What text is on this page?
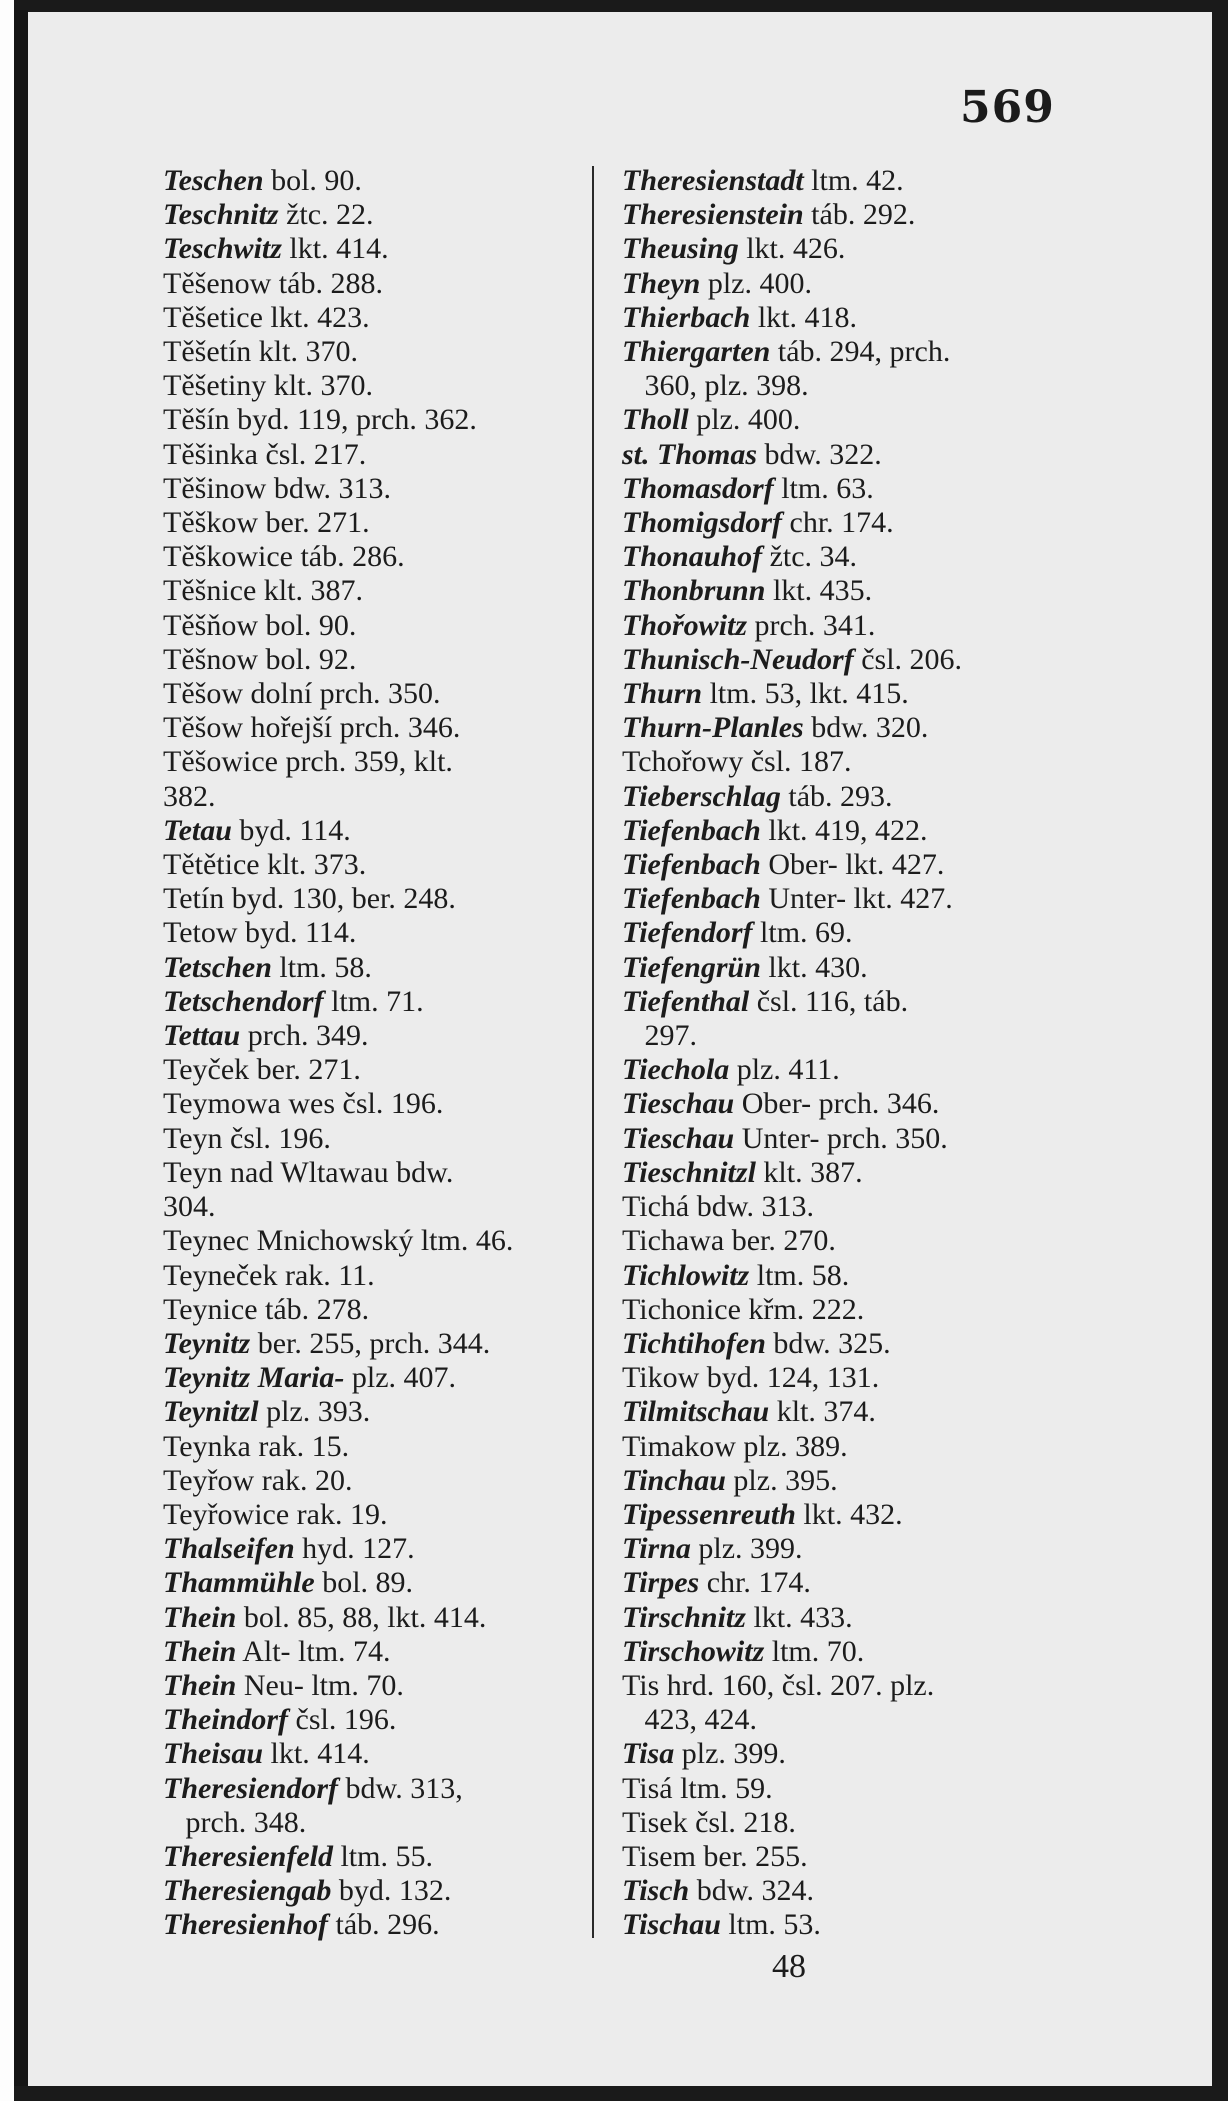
569
Teschen bol. 90.
Teschnitz žtc. 22.
Teschwitz lkt. 414.
Těšenow táb. 288.
Těšetice lkt. 423.
Těšetín klt. 370.
Těšetiny klt. 370.
Těšín byd. 119, prch. 362.
Těšinka čsl. 217.
Těšinow bdw. 313.
Těškow ber. 271.
Těškowice táb. 286.
Těšnice klt. 387.
Těšňow bol. 90.
Těšnow bol. 92.
Těšow dolní prch. 350.
Těšow hořejší prch. 346.
Těšowice prch. 359, klt.
382.
Tetau byd. 114.
Tětětice klt. 373.
Tetín byd. 130, ber. 248.
Tetow byd. 114.
Tetschen ltm. 58.
Tetschendorf ltm. 71.
Tettau prch. 349.
Teyček ber. 271.
Teymowa wes čsl. 196.
Teyn čsl. 196.
Teyn nad Wltawau bdw.
304.
Teynec Mnichowský ltm. 46.
Teyneček rak. 11.
Teynice táb. 278.
Teynitz ber. 255, prch. 344.
Teynitz Maria- plz. 407.
Teynitzl plz. 393.
Teynka rak. 15.
Teyřow rak. 20.
Teyřowice rak. 19.
Thalseifen hyd. 127.
Thammühle bol. 89.
Thein bol. 85, 88, lkt. 414.
Thein Alt- ltm. 74.
Thein Neu- ltm. 70.
Theindorf čsl. 196.
Theisau lkt. 414.
Theresiendorf bdw. 313,
prch. 348.
Theresienfeld ltm. 55.
Theresiengab byd. 132.
Theresienhof táb. 296.
Theresienstadt ltm. 42.
Theresienstein táb. 292.
Theusing lkt. 426.
Theyn plz. 400.
Thierbach lkt. 418.
Thiergarten táb. 294, prch.
360, plz. 398.
Tholl plz. 400.
st. Thomas bdw. 322.
Thomasdorf ltm. 63.
Thomigsdorf chr. 174.
Thonauhof žtc. 34.
Thonbrunn lkt. 435.
Thořowitz prch. 341.
Thunisch-Neudorf čsl. 206.
Thurn ltm. 53, lkt. 415.
Thurn-Planles bdw. 320.
Tchořowy čsl. 187.
Tieberschlag táb. 293.
Tiefenbach lkt. 419, 422.
Tiefenbach Ober- lkt. 427.
Tiefenbach Unter- lkt. 427.
Tiefendorf ltm. 69.
Tiefengrün lkt. 430.
Tiefenthal čsl. 116, táb.
297.
Tiechola plz. 411.
Tieschau Ober- prch. 346.
Tieschau Unter- prch. 350.
Tieschnitzl klt. 387.
Tichá bdw. 313.
Tichawa ber. 270.
Tichlowitz ltm. 58.
Tichonice křm. 222.
Tichtihofen bdw. 325.
Tikow byd. 124, 131.
Tilmitschau klt. 374.
Timakow plz. 389.
Tinchau plz. 395.
Tipessenreuth lkt. 432.
Tirna plz. 399.
Tirpes chr. 174.
Tirschnitz lkt. 433.
Tirschowitz ltm. 70.
Tis hrd. 160, čsl. 207. plz.
423, 424.
Tisa plz. 399.
Tisá ltm. 59.
Tisek čsl. 218.
Tisem ber. 255.
Tisch bdw. 324.
Tischau ltm. 53.
48
